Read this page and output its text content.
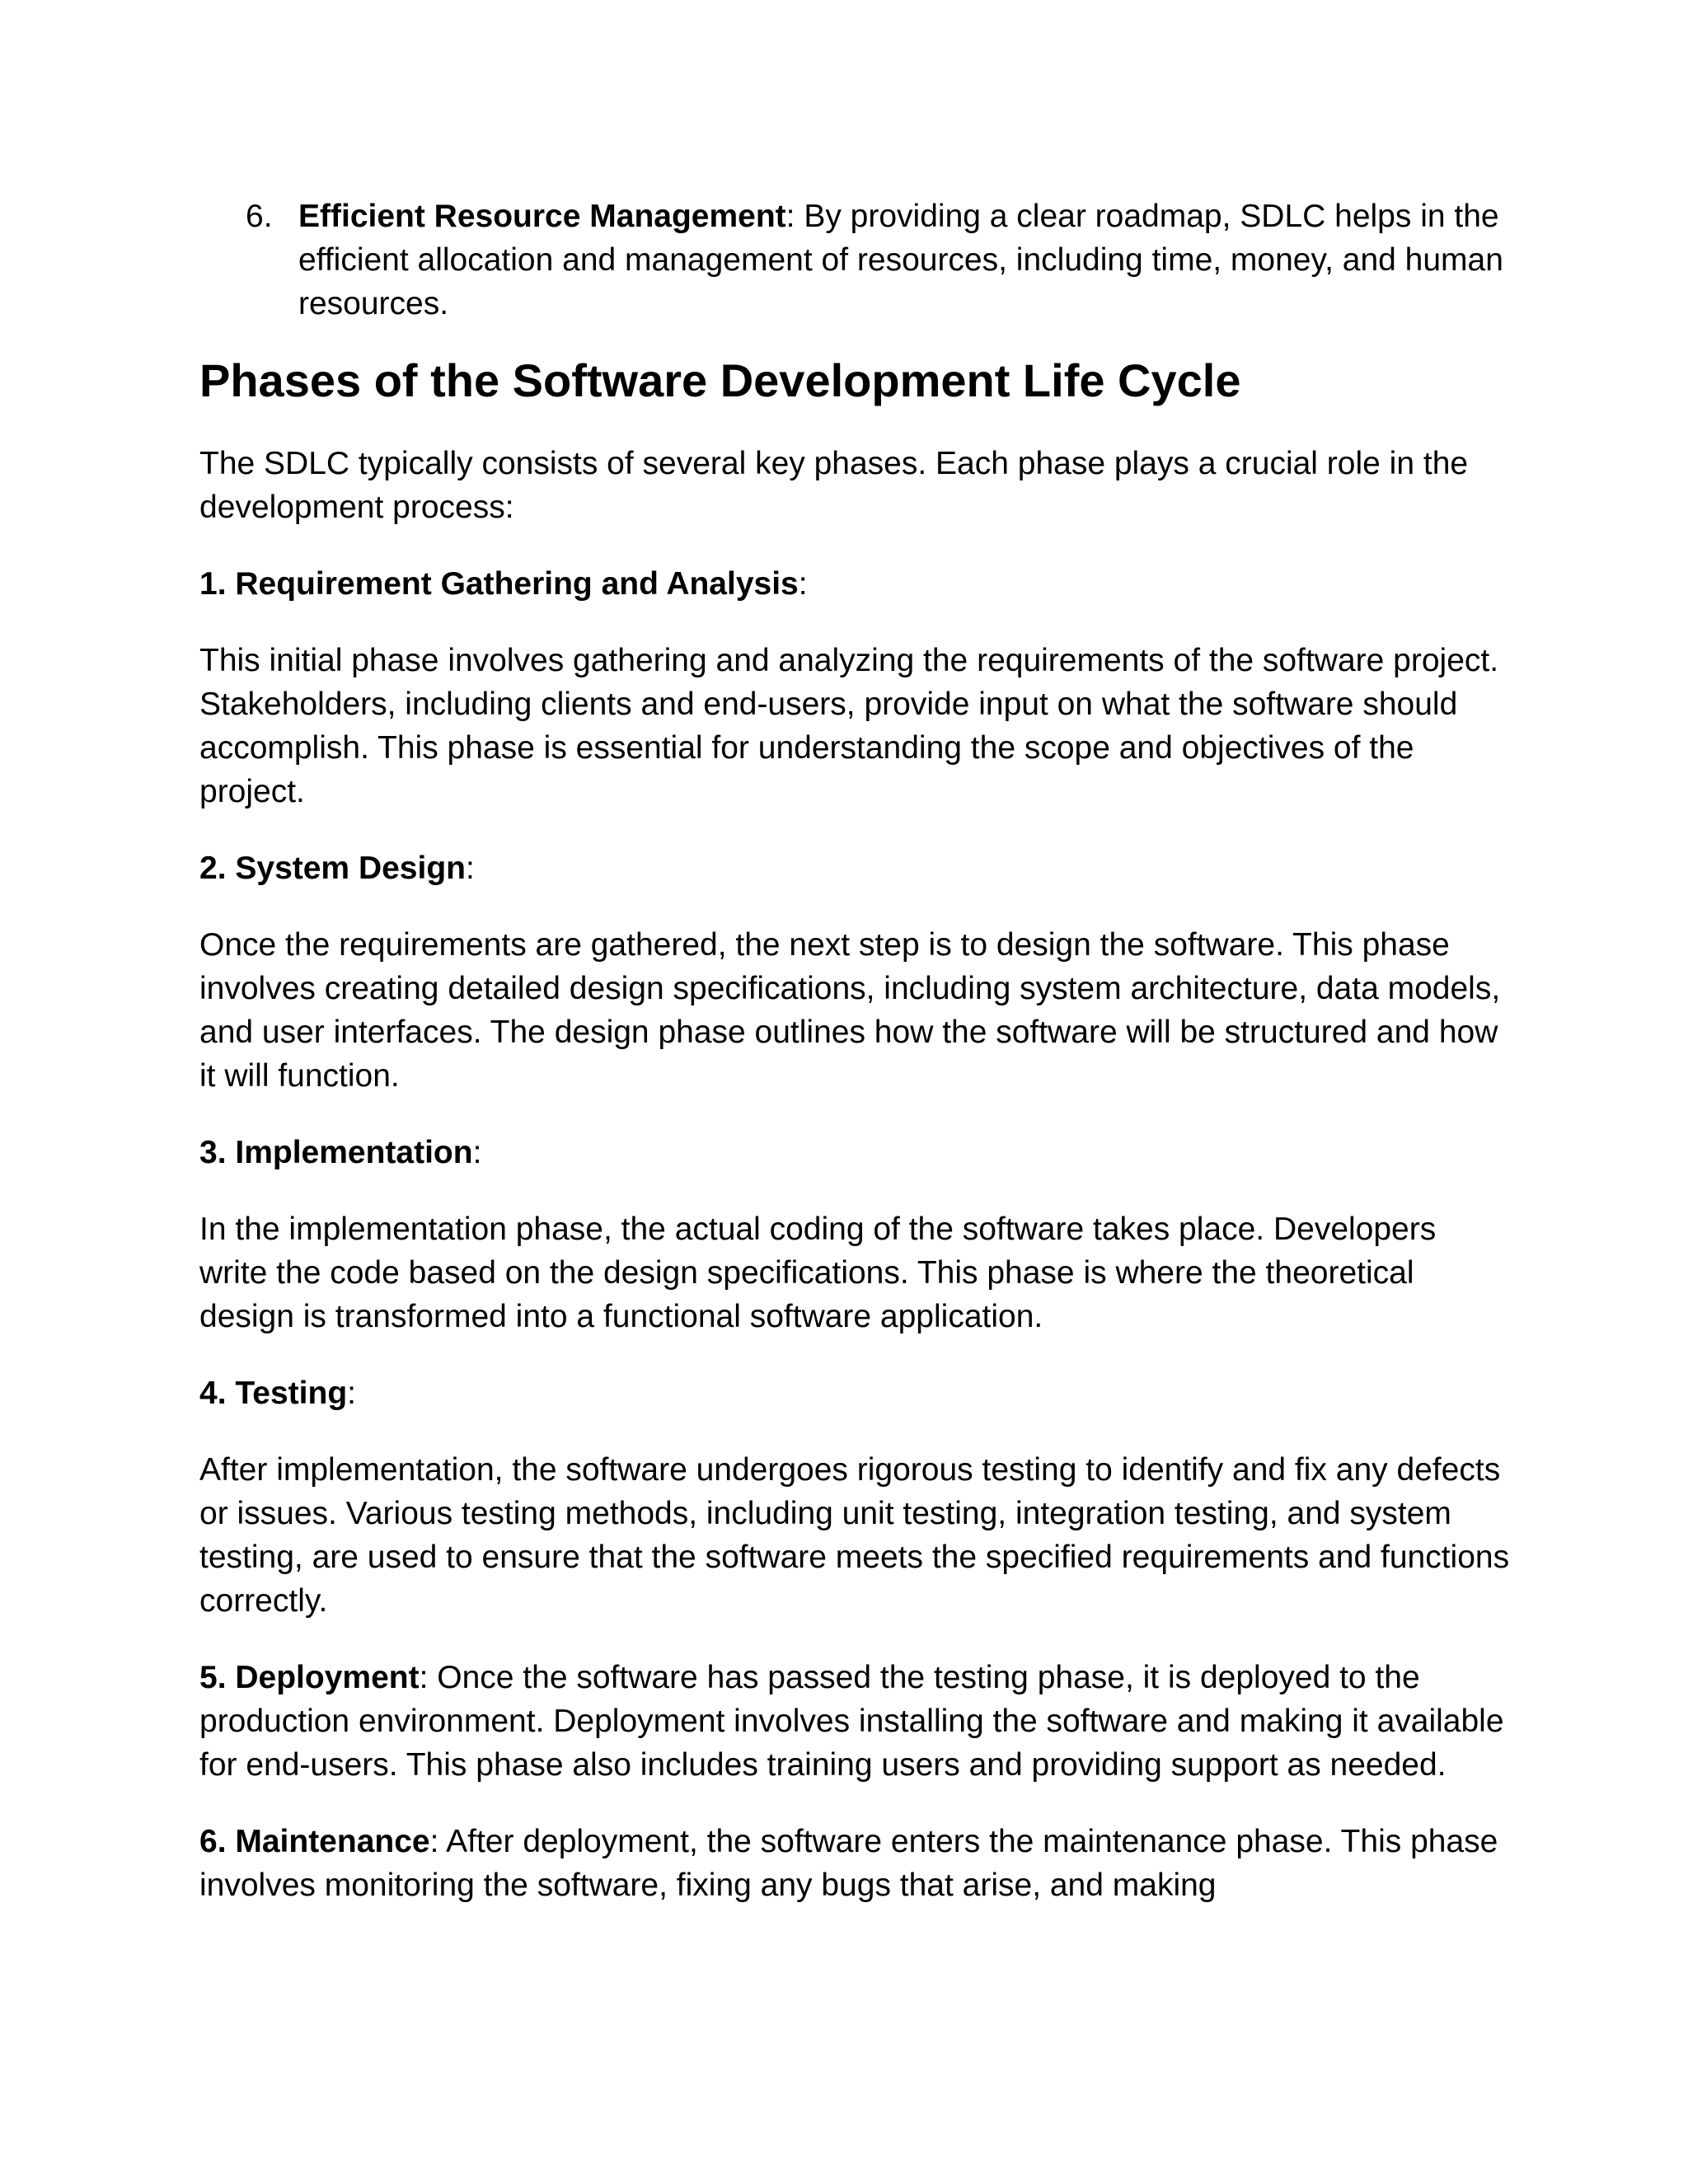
6. Efficient Resource Management: By providing a clear roadmap, SDLC helps in the efficient allocation and management of resources, including time, money, and human resources.

Phases of the Software Development Life Cycle

The SDLC typically consists of several key phases. Each phase plays a crucial role in the development process:

1. Requirement Gathering and Analysis:

This initial phase involves gathering and analyzing the requirements of the software project. Stakeholders, including clients and end-users, provide input on what the software should accomplish. This phase is essential for understanding the scope and objectives of the project.

2. System Design:

Once the requirements are gathered, the next step is to design the software. This phase involves creating detailed design specifications, including system architecture, data models, and user interfaces. The design phase outlines how the software will be structured and how it will function.

3. Implementation:

In the implementation phase, the actual coding of the software takes place. Developers write the code based on the design specifications. This phase is where the theoretical design is transformed into a functional software application.

4. Testing:

After implementation, the software undergoes rigorous testing to identify and fix any defects or issues. Various testing methods, including unit testing, integration testing, and system testing, are used to ensure that the software meets the specified requirements and functions correctly.

5. Deployment: Once the software has passed the testing phase, it is deployed to the production environment. Deployment involves installing the software and making it available for end-users. This phase also includes training users and providing support as needed.

6. Maintenance: After deployment, the software enters the maintenance phase. This phase involves monitoring the software, fixing any bugs that arise, and making
